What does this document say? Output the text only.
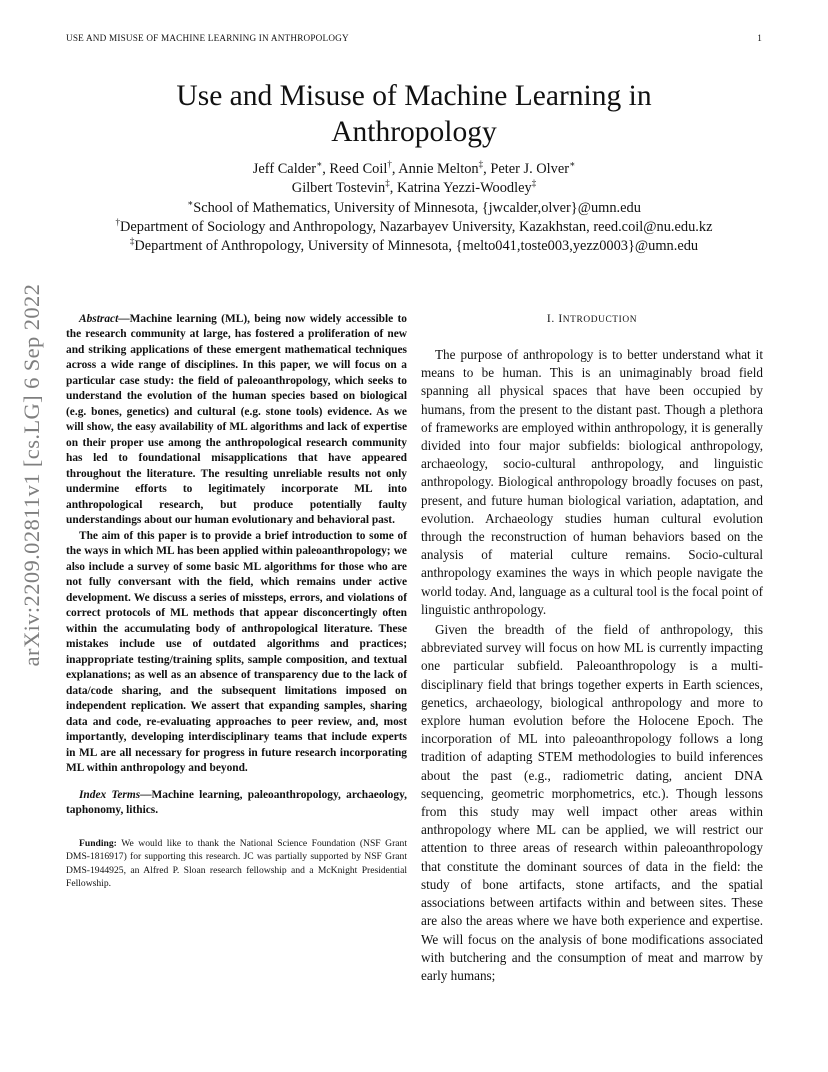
USE AND MISUSE OF MACHINE LEARNING IN ANTHROPOLOGY	1
Use and Misuse of Machine Learning in
Anthropology
Jeff Calder∗, Reed Coil†, Annie Melton‡, Peter J. Olver∗
Gilbert Tostevin‡, Katrina Yezzi-Woodley‡
∗School of Mathematics, University of Minnesota, {jwcalder,olver}@umn.edu
†Department of Sociology and Anthropology, Nazarbayev University, Kazakhstan, reed.coil@nu.edu.kz
‡Department of Anthropology, University of Minnesota, {melto041,toste003,yezz0003}@umn.edu
arXiv:2209.02811v1 [cs.LG] 6 Sep 2022	Abstract—Machine learning (ML), being now widely accessible to the research community at large, has fostered a proliferation of new and striking applications of these emergent mathematical techniques across a wide range of disciplines. In this paper, we will focus on a particular case study: the field of paleoanthropology, which seeks to understand the evolution of the human species based on biological (e.g. bones, genetics) and cultural (e.g. stone tools) evidence. As we will show, the easy availability of ML algorithms and lack of expertise on their proper use among the anthropological research community has led to foundational misapplications that have appeared throughout the literature. The resulting unreliable results not only undermine efforts to legitimately incorporate ML into anthropological research, but produce potentially faulty understandings about our human evolutionary and behavioral past.

The aim of this paper is to provide a brief introduction to some of the ways in which ML has been applied within paleoanthropology; we also include a survey of some basic ML algorithms for those who are not fully conversant with the field, which remains under active development. We discuss a series of missteps, errors, and violations of correct protocols of ML methods that appear disconcertingly often within the accumulating body of anthropological literature. These mistakes include use of outdated algorithms and practices; inappropriate testing/training splits, sample composition, and textual explanations; as well as an absence of transparency due to the lack of data/code sharing, and the subsequent limitations imposed on independent replication. We assert that expanding samples, sharing data and code, re-evaluating approaches to peer review, and, most importantly, developing interdisciplinary teams that include experts in ML are all necessary for progress in future research incorporating ML within anthropology and beyond.

Index Terms—Machine learning, paleoanthropology, archaeology, taphonomy, lithics.
Funding: We would like to thank the National Science Foundation (NSF Grant DMS-1816917) for supporting this research. JC was partially supported by NSF Grant DMS-1944925, an Alfred P. Sloan research fellowship and a McKnight Presidential Fellowship.
I. INTRODUCTION

The purpose of anthropology is to better understand what it means to be human. This is an unimaginably broad field spanning all physical spaces that have been occupied by humans, from the present to the distant past. Though a plethora of frameworks are employed within anthropology, it is generally divided into four major subfields: biological anthropology, archaeology, socio-cultural anthropology, and linguistic anthropology. Biological anthropology broadly focuses on past, present, and future human biological variation, adaptation, and evolution. Archaeology studies human cultural evolution through the reconstruction of human behaviors based on the analysis of material culture remains. Socio-cultural anthropology examines the ways in which people navigate the world today. And, language as a cultural tool is the focal point of linguistic anthropology.

Given the breadth of the field of anthropology, this abbreviated survey will focus on how ML is currently impacting one particular subfield. Paleoanthropology is a multi-disciplinary field that brings together experts in Earth sciences, genetics, archaeology, biological anthropology and more to explore human evolution before the Holocene Epoch. The incorporation of ML into paleoanthropology follows a long tradition of adapting STEM methodologies to build inferences about the past (e.g., radiometric dating, ancient DNA sequencing, geometric morphometrics, etc.). Though lessons from this study may well impact other areas within anthropology where ML can be applied, we will restrict our attention to three areas of research within paleoanthropology that constitute the dominant sources of data in the field: the study of bone artifacts, stone artifacts, and the spatial associations between artifacts within and between sites. These are also the areas where we have both experience and expertise. We will focus on the analysis of bone modifications associated with butchering and the consumption of meat and marrow by early humans;
